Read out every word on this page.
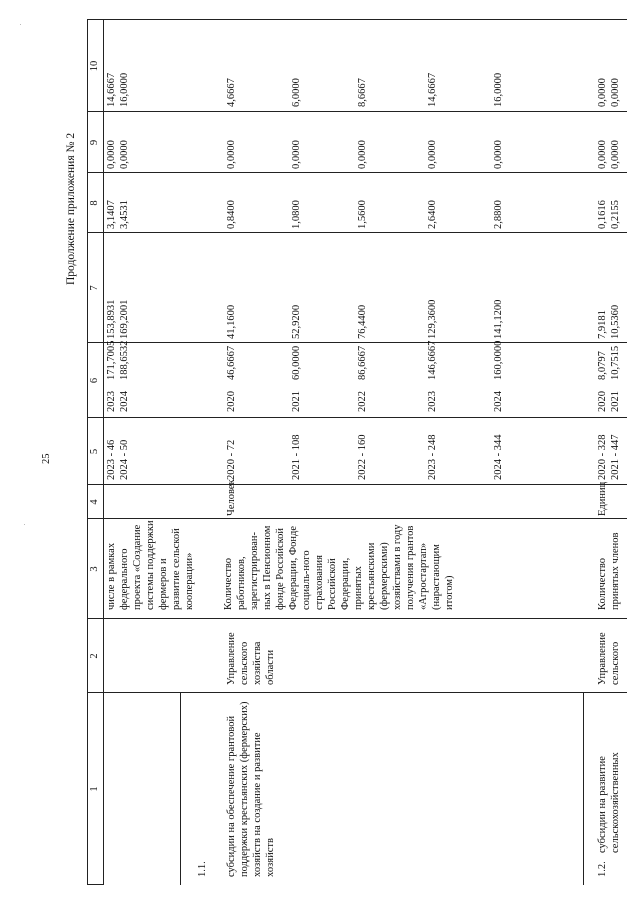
25
Продолжение приложения № 2
1
2
3
4
5
6
7
8
9
10
числе в рамках федерального проекта «Создание системы поддержки фермеров и развитие сельской кооперации»
2023 - 46
2023
171,7005
153,8931
3,1407
0,0000
14,6667
2024 - 50
2024
188,6532
169,2001
3,4531
0,0000
16,0000
1.1. субсидии на обеспечение грантовой поддержки крестьянских (фермерских) хозяйств на создание и развитие хозяйств
Управление сельского хозяйства области
Количество работников, зарегистрирован-ных в Пенсионном фонде Российской Федерации, Фонде социаль-ного страхования Российской Федерации, принятых крестьянскими (фермерскими) хозяйствами в году получения грантов «Агростартап» (нарастающим итогом)
Человек
2020 - 72
2020
46,6667
41,1600
0,8400
0,0000
4,6667
2021 - 108
2021
60,0000
52,9200
1,0800
0,0000
6,0000
2022 - 160
2022
86,6667
76,4400
1,5600
0,0000
8,6667
2023 - 248
2023
146,6667
129,3600
2,6400
0,0000
14,6667
2024 - 344
2024
160,0000
141,1200
2,8800
0,0000
16,0000
1.2.
субсидии на развитие сельскохозяйственных
Управление сельского
Количество принятых членов
Единиц
2020 - 328
2020
8,0797
7,9181
0,1616
0,0000
0,0000
2021 - 447
2021
10,7515
10,5360
0,2155
0,0000
0,0000
